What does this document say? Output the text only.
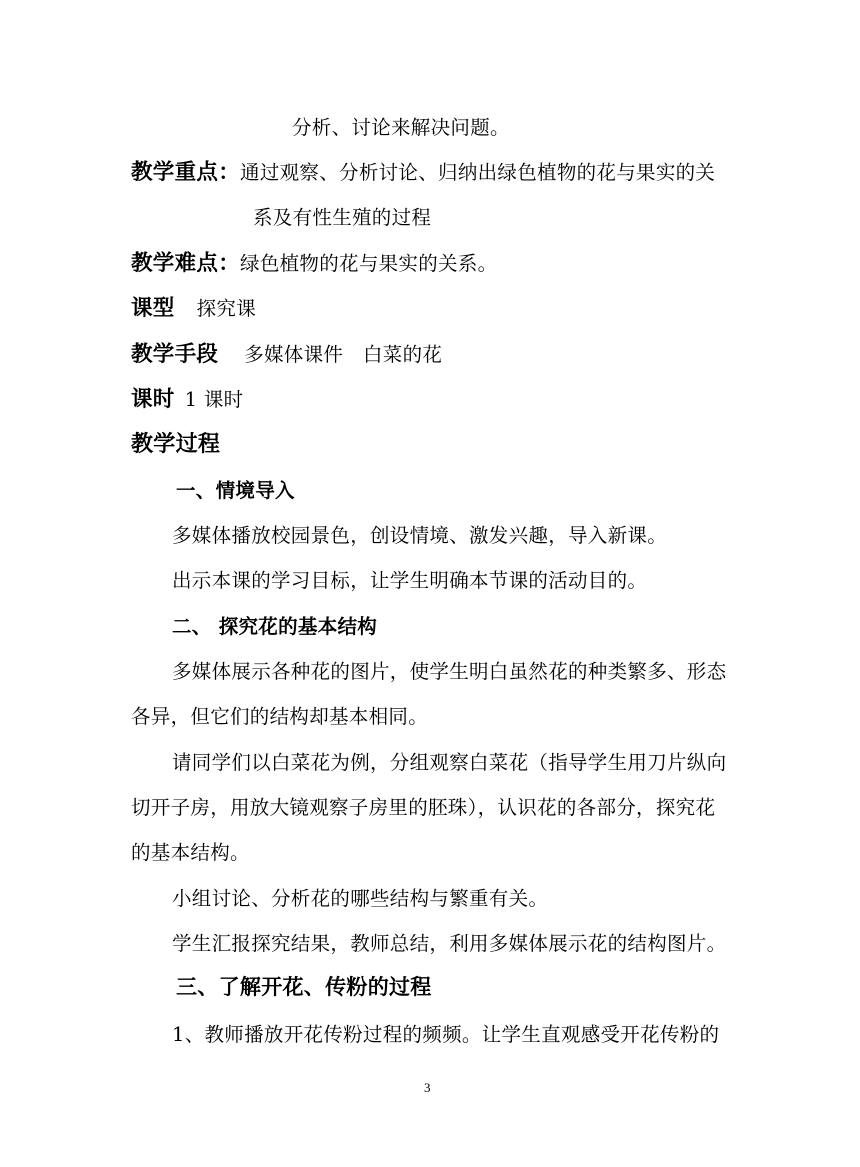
分析、讨论来解决问题。
教学重点：通过观察、分析讨论、归纳出绿色植物的花与果实的关
系及有性生殖的过程
教学难点：绿色植物的花与果实的关系。
课型 探究课
教学手段 多媒体课件　白菜的花
课时 1 课时
教学过程
一、情境导入
多媒体播放校园景色，创设情境、激发兴趣，导入新课。
出示本课的学习目标，让学生明确本节课的活动目的。
二、 探究花的基本结构
多媒体展示各种花的图片，使学生明白虽然花的种类繁多、形态
各异，但它们的结构却基本相同。
请同学们以白菜花为例，分组观察白菜花（指导学生用刀片纵向
切开子房，用放大镜观察子房里的胚珠），认识花的各部分，探究花
的基本结构。
小组讨论、分析花的哪些结构与繁重有关。
学生汇报探究结果，教师总结，利用多媒体展示花的结构图片。
三、了解开花、传粉的过程
1、教师播放开花传粉过程的频频。让学生直观感受开花传粉的
3
